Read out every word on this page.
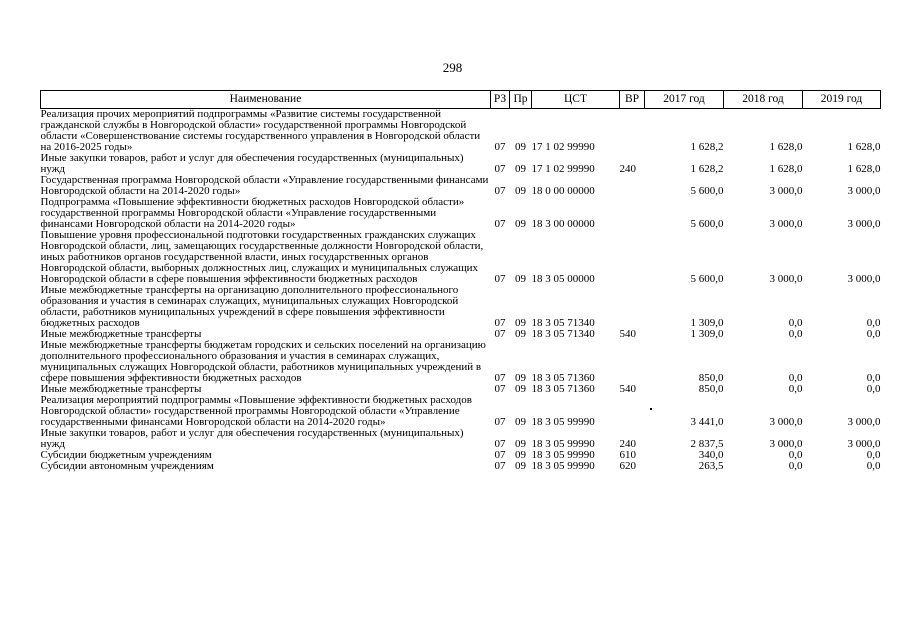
298
Наименование	РЗ	Пр	ЦСТ	ВР	2017 год	2018 год	2019 год
Реализация прочих мероприятий подпрограммы «Развитие системы государственной гражданской службы в Новгородской области» государственной программы Новгородской области «Совершенствование системы государственного управления в Новгородской области на 2016-2025 годы»	07	09	17 1 02 99990		1 628,2	1 628,0	1 628,0
Иные закупки товаров, работ и услуг для обеспечения государственных (муниципальных) нужд	07	09	17 1 02 99990	240	1 628,2	1 628,0	1 628,0
Государственная программа Новгородской области «Управление государственными финансами Новгородской области на 2014-2020 годы»	07	09	18 0 00 00000		5 600,0	3 000,0	3 000,0
Подпрограмма «Повышение эффективности бюджетных расходов Новгородской области» государственной программы Новгородской области «Управление государственными финансами Новгородской области на 2014-2020 годы»	07	09	18 3 00 00000		5 600,0	3 000,0	3 000,0
Повышение уровня профессиональной подготовки государственных гражданских служащих Новгородской области, лиц, замещающих государственные должности Новгородской области, иных работников органов государственной власти, иных государственных органов Новгородской области, выборных должностных лиц, служащих и муниципальных служащих Новгородской области в сфере повышения эффективности бюджетных расходов	07	09	18 3 05 00000		5 600,0	3 000,0	3 000,0
Иные межбюджетные трансферты на организацию дополнительного профессионального образования и участия в семинарах служащих, муниципальных служащих Новгородской области, работников муниципальных учреждений в сфере повышения эффективности бюджетных расходов	07	09	18 3 05 71340		1 309,0	0,0	0,0
Иные межбюджетные трансферты	07	09	18 3 05 71340	540	1 309,0	0,0	0,0
Иные межбюджетные трансферты бюджетам городских и сельских поселений на организацию дополнительного профессионального образования и участия в семинарах служащих, муниципальных служащих Новгородской области, работников муниципальных учреждений в сфере повышения эффективности бюджетных расходов	07	09	18 3 05 71360		850,0	0,0	0,0
Иные межбюджетные трансферты	07	09	18 3 05 71360	540	850,0	0,0	0,0
Реализация мероприятий подпрограммы «Повышение эффективности бюджетных расходов Новгородской области» государственной программы Новгородской области «Управление государственными финансами Новгородской области на 2014-2020 годы»	07	09	18 3 05 99990		3 441,0	3 000,0	3 000,0
Иные закупки товаров, работ и услуг для обеспечения государственных (муниципальных) нужд	07	09	18 3 05 99990	240	2 837,5	3 000,0	3 000,0
Субсидии бюджетным учреждениям	07	09	18 3 05 99990	610	340,0	0,0	0,0
Субсидии автономным учреждениям	07	09	18 3 05 99990	620	263,5	0,0	0,0
